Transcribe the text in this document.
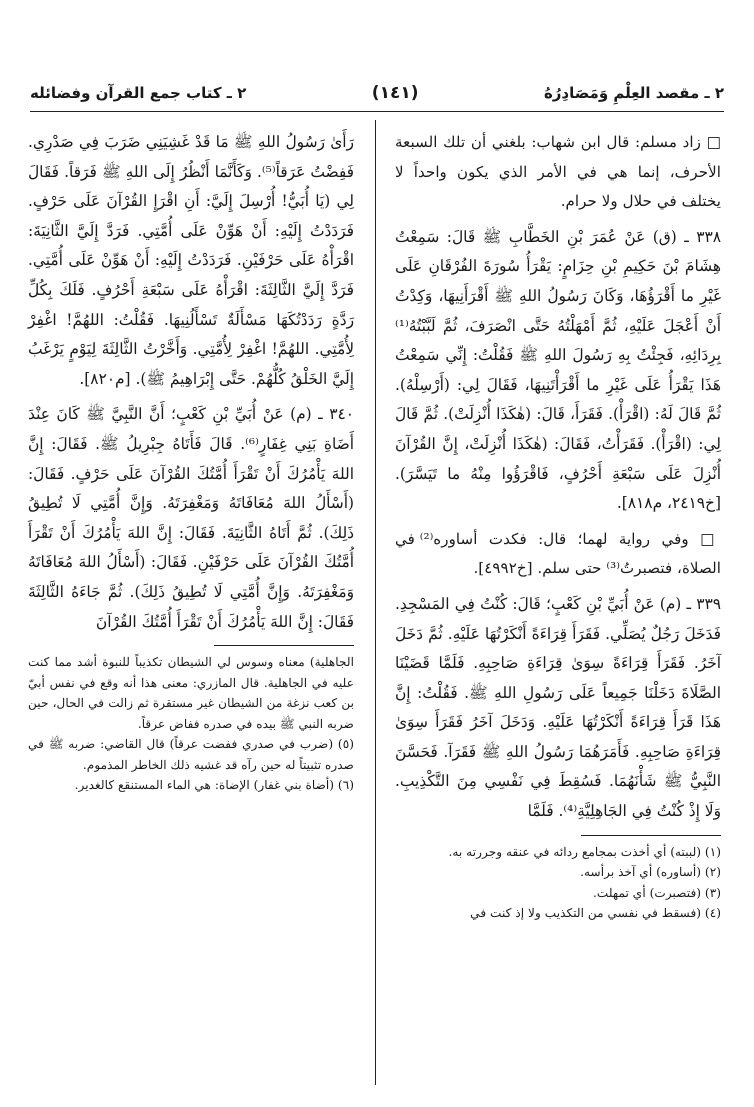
٢ ـ كتاب جمع القرآن وفضائله	(١٤١)	٢ ـ مقصد العِلْمِ وَمَصَادِرُهُ

□ زاد مسلم: قال ابن شهاب: بلغني أن تلك السبعة الأحرف، إنما هي في الأمر الذي يكون واحداً لا يختلف في حلال ولا حرام.

٣٣٨ ـ (ق) عَنْ عُمَرَ بْنِ الخَطَّابِ ﷺ قَالَ: سَمِعْتُ هِشَامَ بْنَ حَكِيمِ بْنِ حِزَامٍ: يَقْرَأُ سُورَةَ الفُرْقَانِ عَلَى غَيْرِ ما أَقْرَؤُهَا، وَكَانَ رَسُولُ اللهِ ﷺ أَقْرَأَنِيهَا، وَكِدْتُ أَنْ أَعْجَلَ عَلَيْهِ، ثُمَّ أَمْهَلْتُهُ حَتَّى انْصَرَفَ، ثُمَّ لَبَّبْتُهُ⁽¹⁾ بِرِدَائِهِ، فَجِئْتُ بِهِ رَسُولَ اللهِ ﷺ فَقُلْتُ: إِنِّي سَمِعْتُ هَذَا يَقْرَأُ عَلَى غَيْرِ ما أَقْرَأْتَنِيهَا، فَقَالَ لِي: (أَرْسِلْهُ). ثُمَّ قَالَ لَهُ: (اقْرَأْ). فَقَرَأَ، قَالَ: (هٰكَذَا أُنْزِلَتْ). ثُمَّ قَالَ لِي: (اقْرَأْ). فَقَرَأْتُ، فَقَالَ: (هٰكَذَا أُنْزِلَتْ، إِنَّ القُرْآنَ أُنْزِلَ عَلَى سَبْعَةِ أَحْرُفٍ، فَاقْرَؤُوا مِنْهُ ما تَيَسَّرَ). [خ٢٤١٩، م٨١٨].

□ وفي رواية لهما؛ قال: فكدت أساوره⁽²⁾ في الصلاة، فتصبرتُ⁽³⁾ حتى سلم. [خ٤٩٩٢].

٣٣٩ ـ (م) عَنْ أُبَيِّ بْنِ كَعْبٍ؛ قَالَ: كُنْتُ فِي المَسْجِدِ. فَدَخَلَ رَجُلٌ يُصَلِّي. فَقَرَأَ قِرَاءَةً أَنْكَرْتُهَا عَلَيْهِ. ثُمَّ دَخَلَ آخَرُ. فَقَرَأَ قِرَاءَةً سِوَىٰ قِرَاءَةِ صَاحِبِهِ. فَلَمَّا قَضَيْنَا الصَّلَاةَ دَخَلْنَا جَمِيعاً عَلَى رَسُولِ اللهِ ﷺ. فَقُلْتُ: إِنَّ هَذَا قَرَأَ قِرَاءَةً أَنْكَرْتُهَا عَلَيْهِ. وَدَخَلَ آخَرُ فَقَرَأَ سِوَىٰ قِرَاءَةِ صَاحِبِهِ. فَأَمَرَهُمَا رَسُولُ اللهِ ﷺ فَقَرَآ. فَحَسَّنَ النَّبِيُّ ﷺ شَأْنَهُمَا. فَسُقِطَ فِي نَفْسِي مِنَ التَّكْذِيبِ. وَلَا إِذْ كُنْتُ فِي الجَاهِلِيَّةِ⁽⁴⁾. فَلَمَّا

(١) (لببته) أي أخذت بمجامع ردائه في عنقه وجررته به.

(٢) (أساوره) أي آخذ برأسه.

(٣) (فتصبرت) أي تمهلت.

(٤) (فسقط في نفسي من التكذيب ولا إذ كنت في

رَأَىٰ رَسُولُ اللهِ ﷺ مَا قَدْ غَشِيَنِي ضَرَبَ فِي صَدْرِي. فَفِضْتُ عَرَقاً⁽⁵⁾. وَكَأَنَّمَا أَنْظُرُ إِلَى اللهِ ﷺ فَرَقاً. فَقَالَ لِي (يَا أُبَيُّ! أُرْسِلَ إِلَيَّ: أَنِ اقْرَإِ القُرْآنَ عَلَى حَرْفٍ. فَرَدَدْتُ إِلَيْهِ: أَنْ هَوِّنْ عَلَى أُمَّتِي. فَرَدَّ إِلَيَّ الثَّانِيَةَ: اقْرَأْهُ عَلَى حَرْفَيْنِ. فَرَدَدْتُ إِلَيْهِ: أَنْ هَوِّنْ عَلَى أُمَّتِي. فَرَدَّ إِلَيَّ الثَّالِثَةَ: اقْرَأْهُ عَلَى سَبْعَةِ أَحْرُفٍ. فَلَكَ بِكُلِّ رَدَّةٍ رَدَدْتُكَهَا مَسْأَلَةٌ تَسْأَلُنِيهَا. فَقُلْتُ: اللهُمَّ! اغْفِرْ لِأُمَّتِي. اللهُمَّ! اغْفِرْ لِأُمَّتِي. وَأَخَّرْتُ الثَّالِثَةَ لِيَوْمٍ يَرْغَبُ إِلَيَّ الخَلْقُ كُلُّهُمْ. حَتَّى إِبْرَاهِيمُ ﷺ). [م٨٢٠].

٣٤٠ ـ (م) عَنْ أُبَيِّ بْنِ كَعْبٍ؛ أَنَّ النَّبِيَّ ﷺ كَانَ عِنْدَ أَضَاةِ بَنِي غِفَارٍ⁽⁶⁾. قَالَ فَأَتَاهُ جِبْرِيلُ ﷺ. فَقَالَ: إِنَّ اللهَ يَأْمُرُكَ أَنْ تَقْرَأَ أُمَّتُكَ القُرْآنَ عَلَى حَرْفٍ. فَقَالَ: (أَسْأَلُ اللهَ مُعَافَاتَهُ وَمَغْفِرَتَهُ. وَإِنَّ أُمَّتِي لَا تُطِيقُ ذَلِكَ). ثُمَّ أَتَاهُ الثَّانِيَةَ. فَقَالَ: إِنَّ اللهَ يَأْمُرُكَ أَنْ تَقْرَأَ أُمَّتُكَ القُرْآنَ عَلَى حَرْفَيْنِ. فَقَالَ: (أَسْأَلُ اللهَ مُعَافَاتَهُ وَمَغْفِرَتَهُ. وَإِنَّ أُمَّتِي لَا تُطِيقُ ذَلِكَ). ثُمَّ جَاءَهُ الثَّالِثَةَ فَقَالَ: إِنَّ اللهَ يَأْمُرُكَ أَنْ تَقْرَأَ أُمَّتُكَ القُرْآنَ

الجاهلية) معناه وسوس لي الشيطان تكذيباً للنبوة أشد مما كنت عليه في الجاهلية. قال المازري: معنى هذا أنه وقع في نفس أبيّ بن كعب نزغة من الشيطان غير مستقرة ثم زالت في الحال، حين ضربه النبي ﷺ بيده في صدره ففاض عرقاً.

(٥) (ضرب في صدري ففضت عرقاً) قال القاضي: ضربه ﷺ في صدره تثبيتاً له حين رآه قد غشيه ذلك الخاطر المذموم.

(٦) (أضاة بني غفار) الإضاة: هي الماء المستنقع كالغدير.
